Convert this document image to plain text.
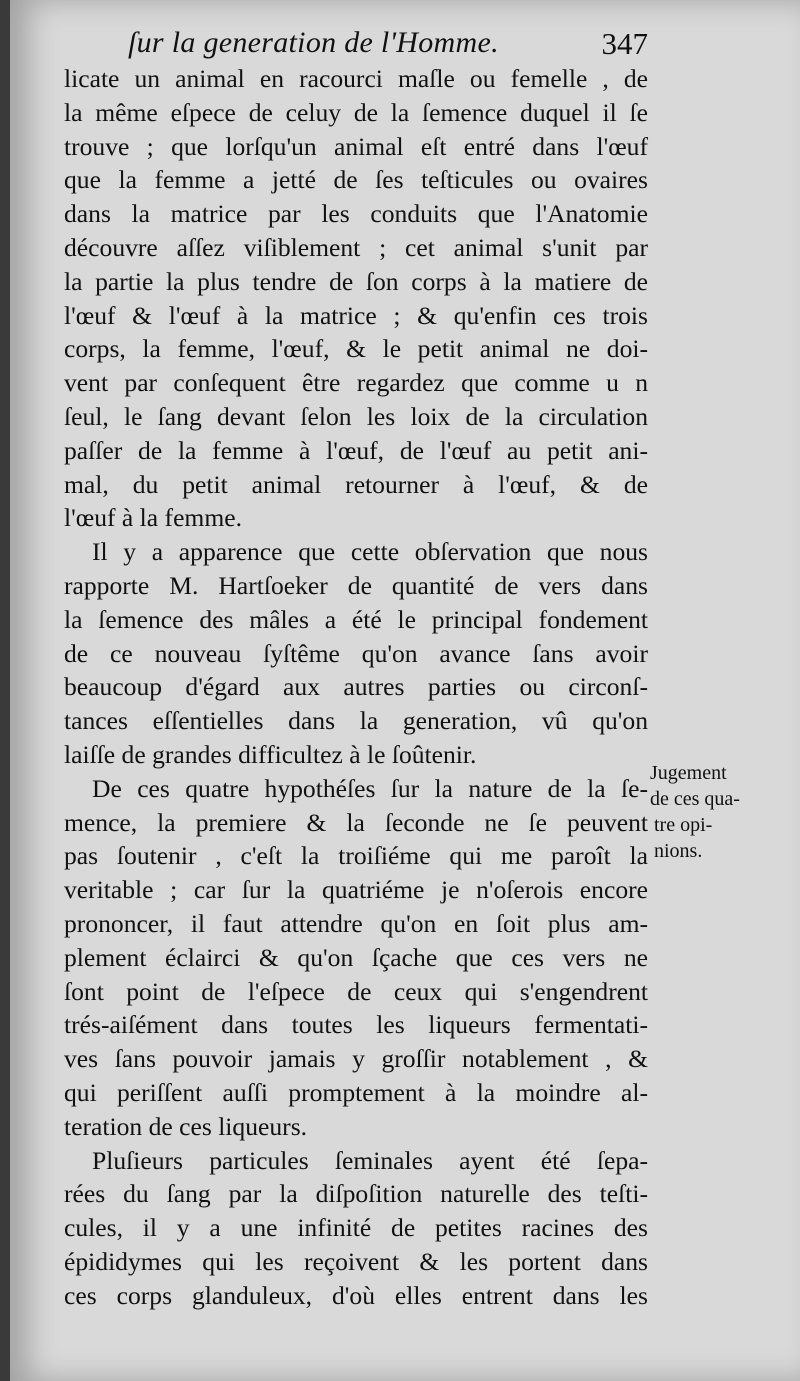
ſur la generation de l'Homme.	347
licate un animal en racourci maſle ou femelle , de
la même eſpece de celuy de la ſemence duquel il ſe
trouve ; que lorſqu'un animal eſt entré dans l'œuf
que la femme a jetté de ſes teſticules ou ovaires
dans la matrice par les conduits que l'Anatomie
découvre aſſez viſiblement ; cet animal s'unit par
la partie la plus tendre de ſon corps à la matiere de
l'œuf & l'œuf à la matrice ; & qu'enfin ces trois
corps, la femme, l'œuf, & le petit animal ne doi-
vent par conſequent être regardez que comme u n
ſeul, le ſang devant ſelon les loix de la circulation
paſſer de la femme à l'œuf, de l'œuf au petit ani-
mal, du petit animal retourner à l'œuf, & de
l'œuf à la femme.
Il y a apparence que cette obſervation que nous
rapporte M. Hartſoeker de quantité de vers dans
la ſemence des mâles a été le principal fondement
de ce nouveau ſyſtême qu'on avance ſans avoir
beaucoup d'égard aux autres parties ou circonſ-
tances eſſentielles dans la generation, vû qu'on
laiſſe de grandes difficultez à le ſoûtenir.
De ces quatre hypothéſes ſur la nature de la ſe-
mence, la premiere & la ſeconde ne ſe peuvent
pas ſoutenir , c'eſt la troiſiéme qui me paroît la
veritable ; car ſur la quatriéme je n'oſerois encore
prononcer, il faut attendre qu'on en ſoit plus am-
plement éclairci & qu'on ſçache que ces vers ne
ſont point de l'eſpece de ceux qui s'engendrent
trés-aiſément dans toutes les liqueurs fermentati-
ves ſans pouvoir jamais y groſſir notablement , &
qui periſſent auſſi promptement à la moindre al-
teration de ces liqueurs.
Pluſieurs particules ſeminales ayent été ſepa-
rées du ſang par la diſpoſition naturelle des teſti-
cules, il y a une infinité de petites racines des
épididymes qui les reçoivent & les portent dans
ces corps glanduleux, d'où elles entrent dans les
Jugement
de ces qua-
tre opi-
nions.
